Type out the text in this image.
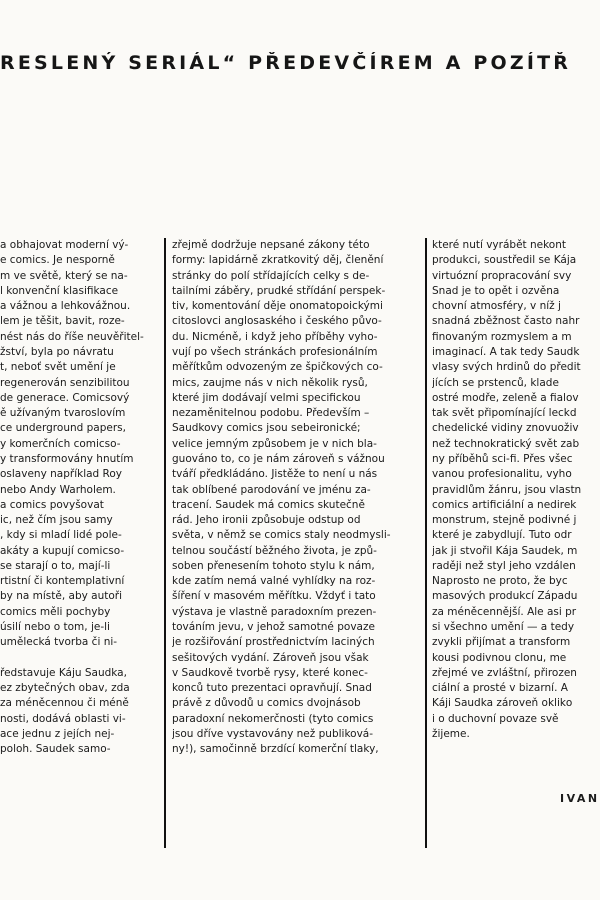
RESLENÝ SERIÁL“ PŘEDEVČÍREM A POZÍTŘ
a obhajovat moderní vý-
e comics. Je nesporně
m ve světě, který se na-
l konvenční klasifikace
a vážnou a lehkovážnou.
lem je těšit, bavit, roze-
nést nás do říše neuvěřitel-
žství, byla po návratu
t, neboť svět umění je
regenerován senzibilitou
de generace. Comicsový
ě užívaným tvaroslovím
ce underground papers,
y komerčních comicso-
y transformovány hnutím
oslaveny například Roy
nebo Andy Warholem.
a comics povyšovat
ic, než čím jsou samy
, kdy si mladí lidé pole-
akáty a kupují comicso-
se starají o to, mají-li
rtistní či kontemplativní
by na místě, aby autoři
comics měli pochyby
úsilí nebo o tom, je-li
umělecká tvorba či ni-

ředstavuje Káju Saudka,
ez zbytečných obav, zda
za méněcennou či méně
nosti, dodává oblasti vi-
ace jednu z jejích nej-
poloh. Saudek samo-
zřejmě dodržuje nepsané zákony této
formy: lapidárně zkratkovitý děj, členění
stránky do polí střídajících celky s de-
tailními záběry, prudké střídání perspek-
tiv, komentování děje onomatopoickými
citoslovci anglosaského i českého půvo-
du. Nicméně, i když jeho příběhy vyho-
vují po všech stránkách profesionálním
měřítkům odvozeným ze špičkových co-
mics, zaujme nás v nich několik rysů,
které jim dodávají velmi specifickou
nezaměnitelnou podobu. Především –
Saudkovy comics jsou sebeironické;
velice jemným způsobem je v nich bla-
guováno to, co je nám zároveň s vážnou
tváří předkládáno. Jistěže to není u nás
tak oblíbené parodování ve jménu za-
tracení. Saudek má comics skutečně
rád. Jeho ironii způsobuje odstup od
světa, v němž se comics staly neodmysli-
telnou součástí běžného života, je způ-
soben přenesením tohoto stylu k nám,
kde zatím nemá valné vyhlídky na roz-
šíření v masovém měřítku. Vždyť i tato
výstava je vlastně paradoxním prezen-
továním jevu, v jehož samotné povaze
je rozšiřování prostřednictvím laciných
sešitových vydání. Zároveň jsou však
v Saudkově tvorbě rysy, které konec-
konců tuto prezentaci opravňují. Snad
právě z důvodů u comics dvojnásob
paradoxní nekomerčnosti (tyto comics
jsou dříve vystavovány než publiková-
ny!), samočinně brzdící komerční tlaky,
které nutí vyrábět nekont
produkci, soustředil se Kája
virtuózní propracování svy
Snad je to opět i ozvěna
chovní atmosféry, v níž j
snadná zběžnost často nahr
finovaným rozmyslem a m
imaginací. A tak tedy Saudk
vlasy svých hrdinů do předit
jících se prstenců, klade
ostré modře, zeleně a fialov
tak svět připomínající leckd
chedelické vidiny znovuoživ
než technokratický svět zab
ny příběhů sci-fi. Přes všec
vanou profesionalitu, vyho
pravidlům žánru, jsou vlastn
comics artificiální a nedirek
monstrum, stejně podivné j
které je zabydlují. Tuto odr
jak ji stvořil Kája Saudek, m
raději než styl jeho vzdálen
Naprosto ne proto, že byc
masových produkcí Západu
za méněcennější. Ale asi pr
si všechno umění — a tedy
zvykli přijímat a transform
kousi podivnou clonu, me
zřejmé ve zvláštní, přirozen
ciální a prosté v bizarní. A
Káji Saudka zároveň oklikо
i o duchovní povaze svě
žijeme.
IVAN
